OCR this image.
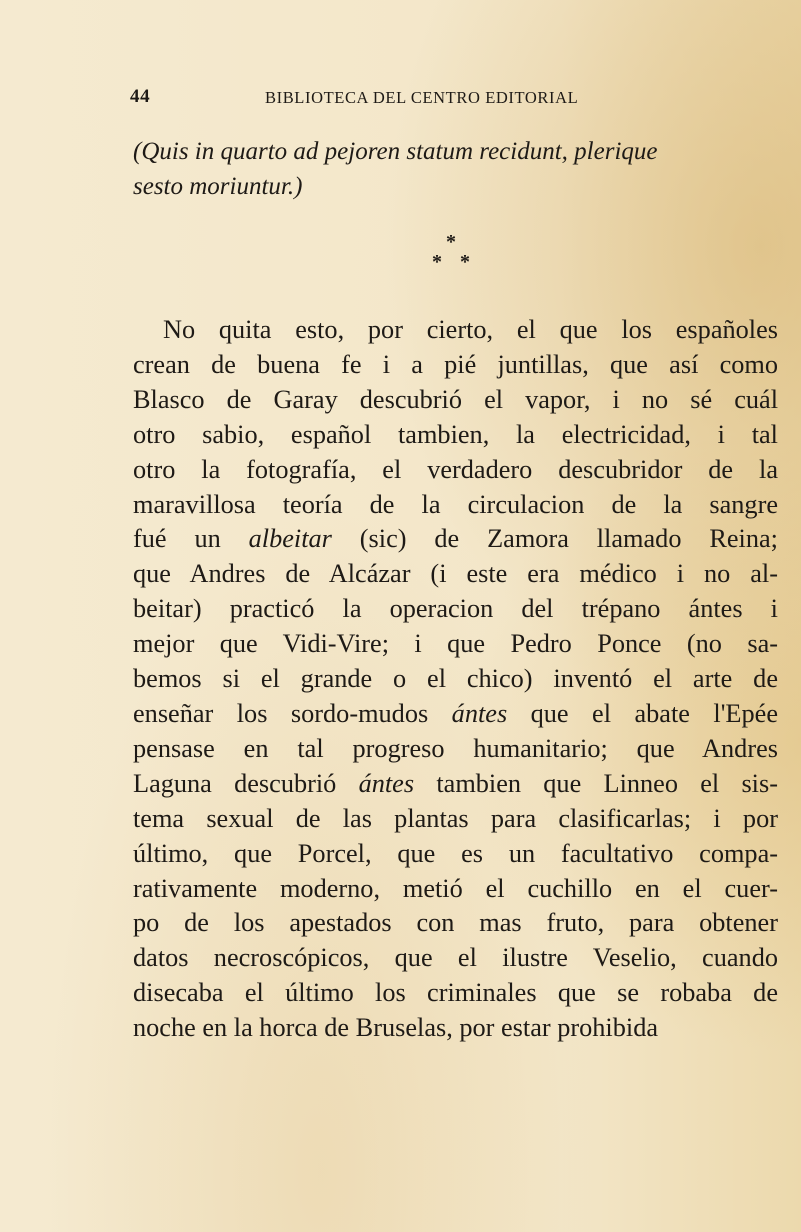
44	BIBLIOTECA DEL CENTRO EDITORIAL
(Quis in quarto ad pejoren statum recidunt, plerique
sesto moriuntur.)
*
* *
No quita esto, por cierto, el que los españoles
crean de buena fe i a pié juntillas, que así como
Blasco de Garay descubrió el vapor, i no sé cuál
otro sabio, español tambien, la electricidad, i tal
otro la fotografía, el verdadero descubridor de la
maravillosa teoría de la circulacion de la sangre
fué un albeitar (sic) de Zamora llamado Reina;
que Andres de Alcázar (i este era médico i no al-
beitar) practicó la operacion del trépano ántes i
mejor que Vidi-Vire; i que Pedro Ponce (no sa-
bemos si el grande o el chico) inventó el arte de
enseñar los sordo-mudos ántes que el abate l'Epée
pensase en tal progreso humanitario; que Andres
Laguna descubrió ántes tambien que Linneo el sis-
tema sexual de las plantas para clasificarlas; i por
último, que Porcel, que es un facultativo compa-
rativamente moderno, metió el cuchillo en el cuer-
po de los apestados con mas fruto, para obtener
datos necroscópicos, que el ilustre Veselio, cuando
disecaba el último los criminales que se robaba de
noche en la horca de Bruselas, por estar prohibida
